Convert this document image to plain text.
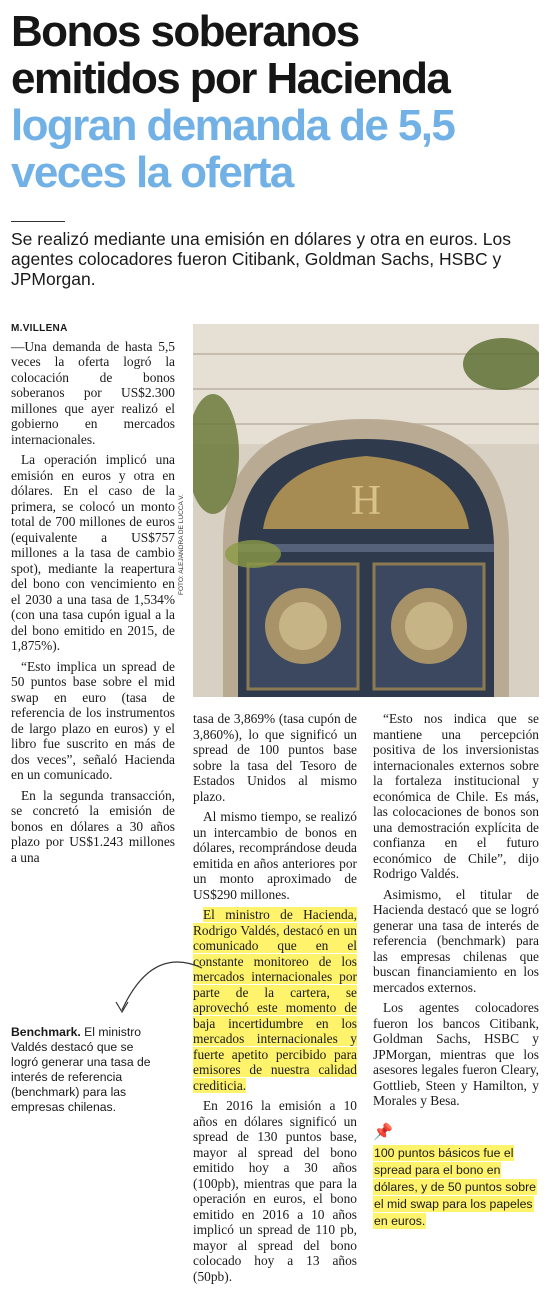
Bonos soberanos
emitidos por Hacienda
logran demanda de 5,5
veces la oferta
Se realizó mediante una emisión en dólares y otra en euros. Los agentes colocadores fueron Citibank, Goldman Sachs, HSBC y JPMorgan.
M.VILLENA

—Una demanda de hasta 5,5 veces la oferta logró la colocación de bonos soberanos por US$2.300 millones que ayer realizó el gobierno en mercados internacionales.

La operación implicó una emisión en euros y otra en dólares. En el caso de la primera, se colocó un monto total de 700 millones de euros (equivalente a US$757 millones a la tasa de cambio spot), mediante la reapertura del bono con vencimiento en el 2030 a una tasa de 1,534% (con una tasa cupón igual a la del bono emitido en 2015, de 1,875%).

“Esto implica un spread de 50 puntos base sobre el mid swap en euro (tasa de referencia de los instrumentos de largo plazo en euros) y el libro fue suscrito en más de dos veces”, señaló Hacienda en un comunicado.

En la segunda transacción, se concretó la emisión de bonos en dólares a 30 años plazo por US$1.243 millones a una

H
FOTO: ALEJANDRA DE LUCCA V.

tasa de 3,869% (tasa cupón de 3,860%), lo que significó un spread de 100 puntos base sobre la tasa del Tesoro de Estados Unidos al mismo plazo.

Al mismo tiempo, se realizó un intercambio de bonos en dólares, recomprándose deuda emitida en años anteriores por un monto aproximado de US$290 millones.

El ministro de Hacienda, Rodrigo Valdés, destacó en un comunicado que en el constante monitoreo de los mercados internacionales por parte de la cartera, se aprovechó este momento de baja incertidumbre en los mercados internacionales y fuerte apetito percibido para emisores de nuestra calidad crediticia.

En 2016 la emisión a 10 años en dólares significó un spread de 130 puntos base, mayor al spread del bono emitido hoy a 30 años (100pb), mientras que para la operación en euros, el bono emitido en 2016 a 10 años implicó un spread de 110 pb, mayor al spread del bono colocado hoy a 13 años (50pb).

“Esto nos indica que se mantiene una percepción positiva de los inversionistas internacionales externos sobre la fortaleza institucional y económica de Chile. Es más, las colocaciones de bonos son una demostración explícita de confianza en el futuro económico de Chile”, dijo Rodrigo Valdés.

Asimismo, el titular de Hacienda destacó que se logró generar una tasa de interés de referencia (benchmark) para las empresas chilenas que buscan financiamiento en los mercados externos.

Los agentes colocadores fueron los bancos Citibank, Goldman Sachs, HSBC y JPMorgan, mientras que los asesores legales fueron Cleary, Gottlieb, Steen y Hamilton, y Morales y Besa.

Benchmark. El ministro Valdés destacó que se logró generar una tasa de interés de referencia (benchmark) para las empresas chilenas.
📌
100 puntos básicos fue el spread para el bono en dólares, y de 50 puntos sobre el mid swap para los papeles en euros.
